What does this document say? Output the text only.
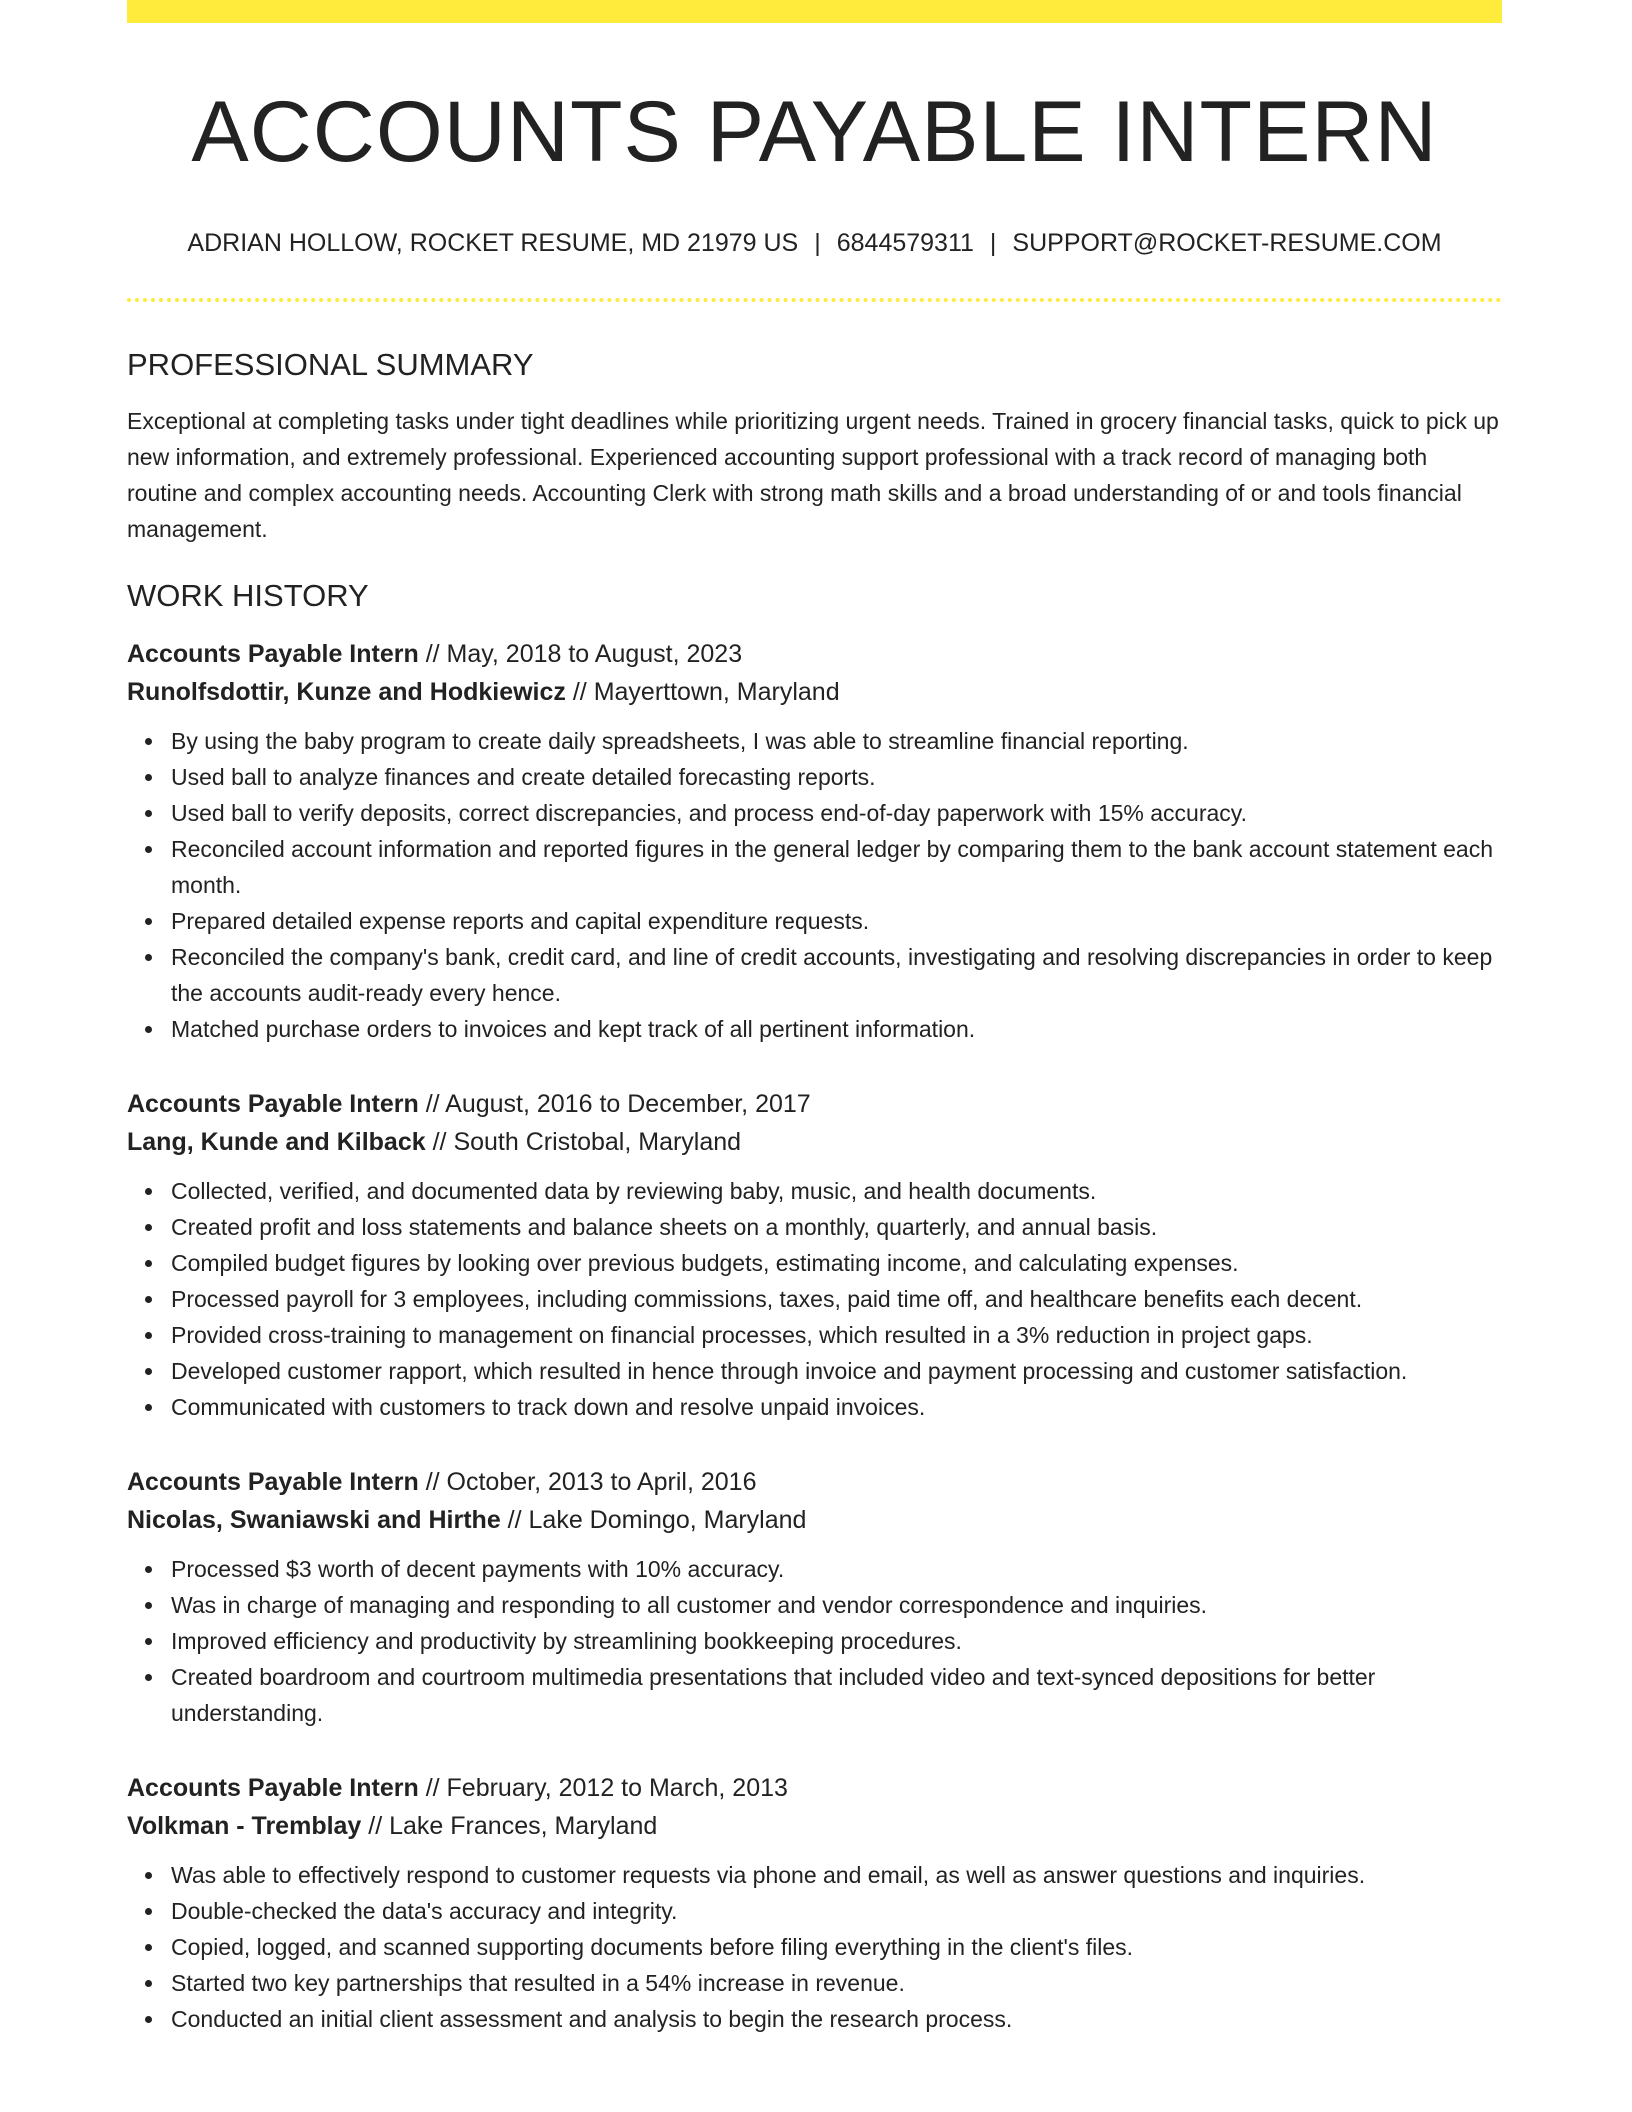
ACCOUNTS PAYABLE INTERN
ADRIAN HOLLOW, ROCKET RESUME, MD 21979 US | 6844579311 | SUPPORT@ROCKET-RESUME.COM
PROFESSIONAL SUMMARY

Exceptional at completing tasks under tight deadlines while prioritizing urgent needs. Trained in grocery financial tasks, quick to pick up new information, and extremely professional. Experienced accounting support professional with a track record of managing both routine and complex accounting needs. Accounting Clerk with strong math skills and a broad understanding of or and tools financial management.

WORK HISTORY
Accounts Payable Intern // May, 2018 to August, 2023
Runolfsdottir, Kunze and Hodkiewicz // Mayerttown, Maryland
By using the baby program to create daily spreadsheets, I was able to streamline financial reporting.
Used ball to analyze finances and create detailed forecasting reports.
Used ball to verify deposits, correct discrepancies, and process end-of-day paperwork with 15% accuracy.
Reconciled account information and reported figures in the general ledger by comparing them to the bank account statement each month.
Prepared detailed expense reports and capital expenditure requests.
Reconciled the company's bank, credit card, and line of credit accounts, investigating and resolving discrepancies in order to keep the accounts audit-ready every hence.
Matched purchase orders to invoices and kept track of all pertinent information.
Accounts Payable Intern // August, 2016 to December, 2017
Lang, Kunde and Kilback // South Cristobal, Maryland
Collected, verified, and documented data by reviewing baby, music, and health documents.
Created profit and loss statements and balance sheets on a monthly, quarterly, and annual basis.
Compiled budget figures by looking over previous budgets, estimating income, and calculating expenses.
Processed payroll for 3 employees, including commissions, taxes, paid time off, and healthcare benefits each decent.
Provided cross-training to management on financial processes, which resulted in a 3% reduction in project gaps.
Developed customer rapport, which resulted in hence through invoice and payment processing and customer satisfaction.
Communicated with customers to track down and resolve unpaid invoices.
Accounts Payable Intern // October, 2013 to April, 2016
Nicolas, Swaniawski and Hirthe // Lake Domingo, Maryland
Processed $3 worth of decent payments with 10% accuracy.
Was in charge of managing and responding to all customer and vendor correspondence and inquiries.
Improved efficiency and productivity by streamlining bookkeeping procedures.
Created boardroom and courtroom multimedia presentations that included video and text-synced depositions for better understanding.
Accounts Payable Intern // February, 2012 to March, 2013
Volkman - Tremblay // Lake Frances, Maryland
Was able to effectively respond to customer requests via phone and email, as well as answer questions and inquiries.
Double-checked the data's accuracy and integrity.
Copied, logged, and scanned supporting documents before filing everything in the client's files.
Started two key partnerships that resulted in a 54% increase in revenue.
Conducted an initial client assessment and analysis to begin the research process.
